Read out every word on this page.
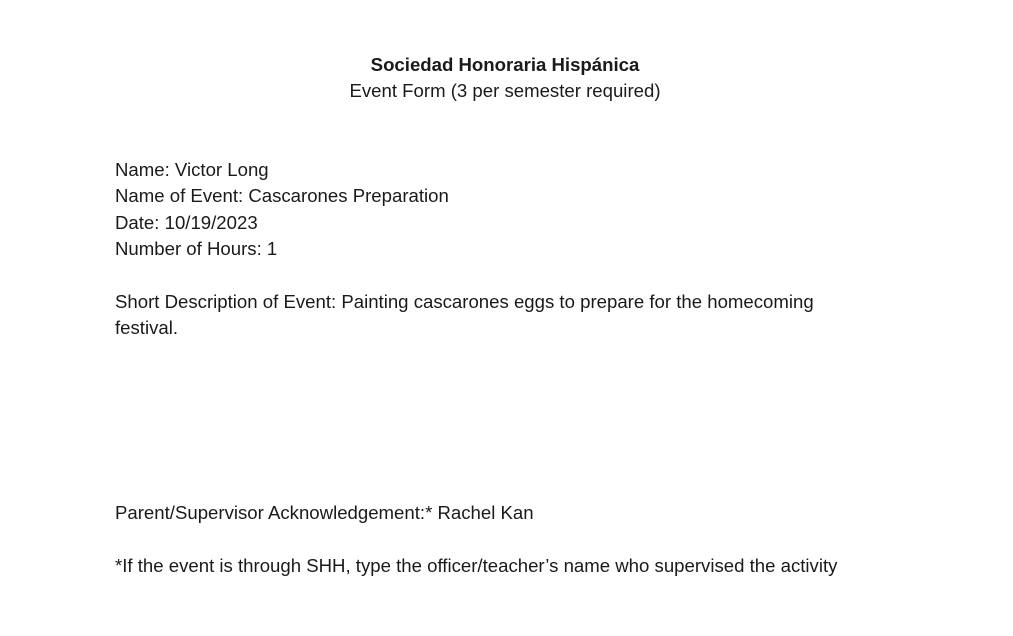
Sociedad Honoraria Hispánica
Event Form (3 per semester required)
Name: Victor Long
Name of Event: Cascarones Preparation
Date: 10/19/2023
Number of Hours: 1
Short Description of Event: Painting cascarones eggs to prepare for the homecoming
festival.
Parent/Supervisor Acknowledgement:* Rachel Kan
*If the event is through SHH, type the officer/teacher’s name who supervised the activity
